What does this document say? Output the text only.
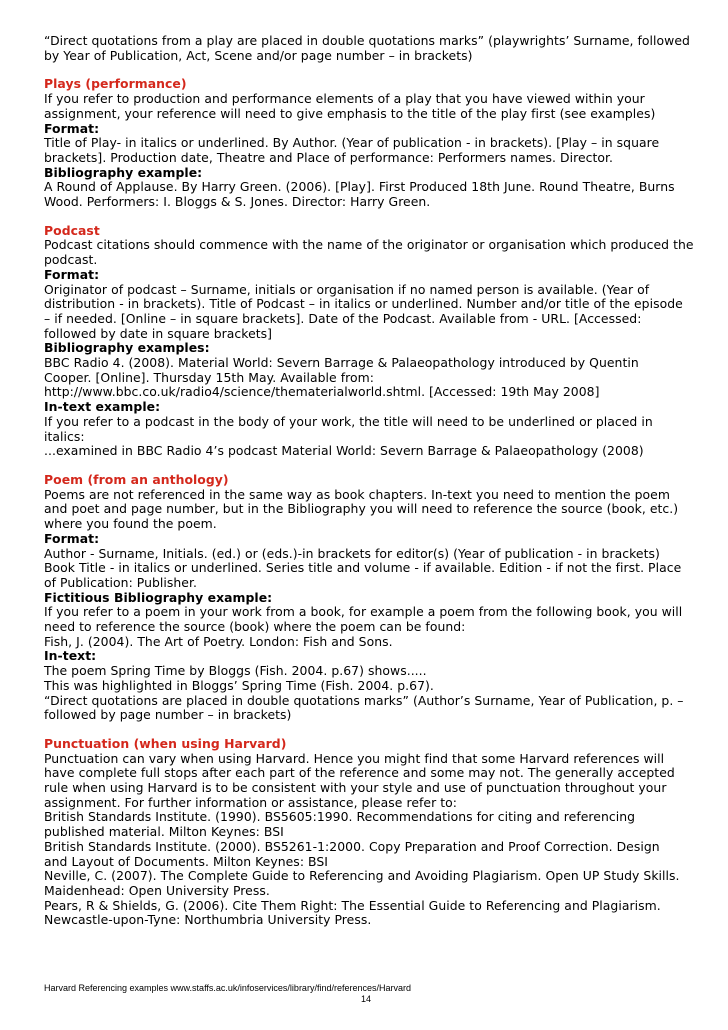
“Direct quotations from a play are placed in double quotations marks” (playwrights’ Surname, followed
by Year of Publication, Act, Scene and/or page number – in brackets)
Plays (performance)
If you refer to production and performance elements of a play that you have viewed within your
assignment, your reference will need to give emphasis to the title of the play first (see examples)
Format:
Title of Play- in italics or underlined. By Author. (Year of publication - in brackets). [Play – in square
brackets]. Production date, Theatre and Place of performance: Performers names. Director.
Bibliography example:
A Round of Applause. By Harry Green. (2006). [Play]. First Produced 18th June. Round Theatre, Burns
Wood. Performers: I. Bloggs & S. Jones. Director: Harry Green.
Podcast
Podcast citations should commence with the name of the originator or organisation which produced the
podcast.
Format:
Originator of podcast – Surname, initials or organisation if no named person is available. (Year of
distribution - in brackets). Title of Podcast – in italics or underlined. Number and/or title of the episode
– if needed. [Online – in square brackets]. Date of the Podcast. Available from - URL. [Accessed:
followed by date in square brackets]
Bibliography examples:
BBC Radio 4. (2008). Material World: Severn Barrage & Palaeopathology introduced by Quentin
Cooper. [Online]. Thursday 15th May. Available from:
http://www.bbc.co.uk/radio4/science/thematerialworld.shtml. [Accessed: 19th May 2008]
In-text example:
If you refer to a podcast in the body of your work, the title will need to be underlined or placed in
italics:
...examined in BBC Radio 4’s podcast Material World: Severn Barrage & Palaeopathology (2008)
Poem (from an anthology)
Poems are not referenced in the same way as book chapters. In-text you need to mention the poem
and poet and page number, but in the Bibliography you will need to reference the source (book, etc.)
where you found the poem.
Format:
Author - Surname, Initials. (ed.) or (eds.)-in brackets for editor(s) (Year of publication - in brackets)
Book Title - in italics or underlined. Series title and volume - if available. Edition - if not the first. Place
of Publication: Publisher.
Fictitious Bibliography example:
If you refer to a poem in your work from a book, for example a poem from the following book, you will
need to reference the source (book) where the poem can be found:
Fish, J. (2004). The Art of Poetry. London: Fish and Sons.
In-text:
The poem Spring Time by Bloggs (Fish. 2004. p.67) shows.....
This was highlighted in Bloggs’ Spring Time (Fish. 2004. p.67).
“Direct quotations are placed in double quotations marks” (Author’s Surname, Year of Publication, p. –
followed by page number – in brackets)
Punctuation (when using Harvard)
Punctuation can vary when using Harvard. Hence you might find that some Harvard references will
have complete full stops after each part of the reference and some may not. The generally accepted
rule when using Harvard is to be consistent with your style and use of punctuation throughout your
assignment. For further information or assistance, please refer to:
British Standards Institute. (1990). BS5605:1990. Recommendations for citing and referencing
published material. Milton Keynes: BSI
British Standards Institute. (2000). BS5261-1:2000. Copy Preparation and Proof Correction. Design
and Layout of Documents. Milton Keynes: BSI
Neville, C. (2007). The Complete Guide to Referencing and Avoiding Plagiarism. Open UP Study Skills.
Maidenhead: Open University Press.
Pears, R & Shields, G. (2006). Cite Them Right: The Essential Guide to Referencing and Plagiarism.
Newcastle-upon-Tyne: Northumbria University Press.
Harvard Referencing examples www.staffs.ac.uk/infoservices/library/find/references/Harvard
14
